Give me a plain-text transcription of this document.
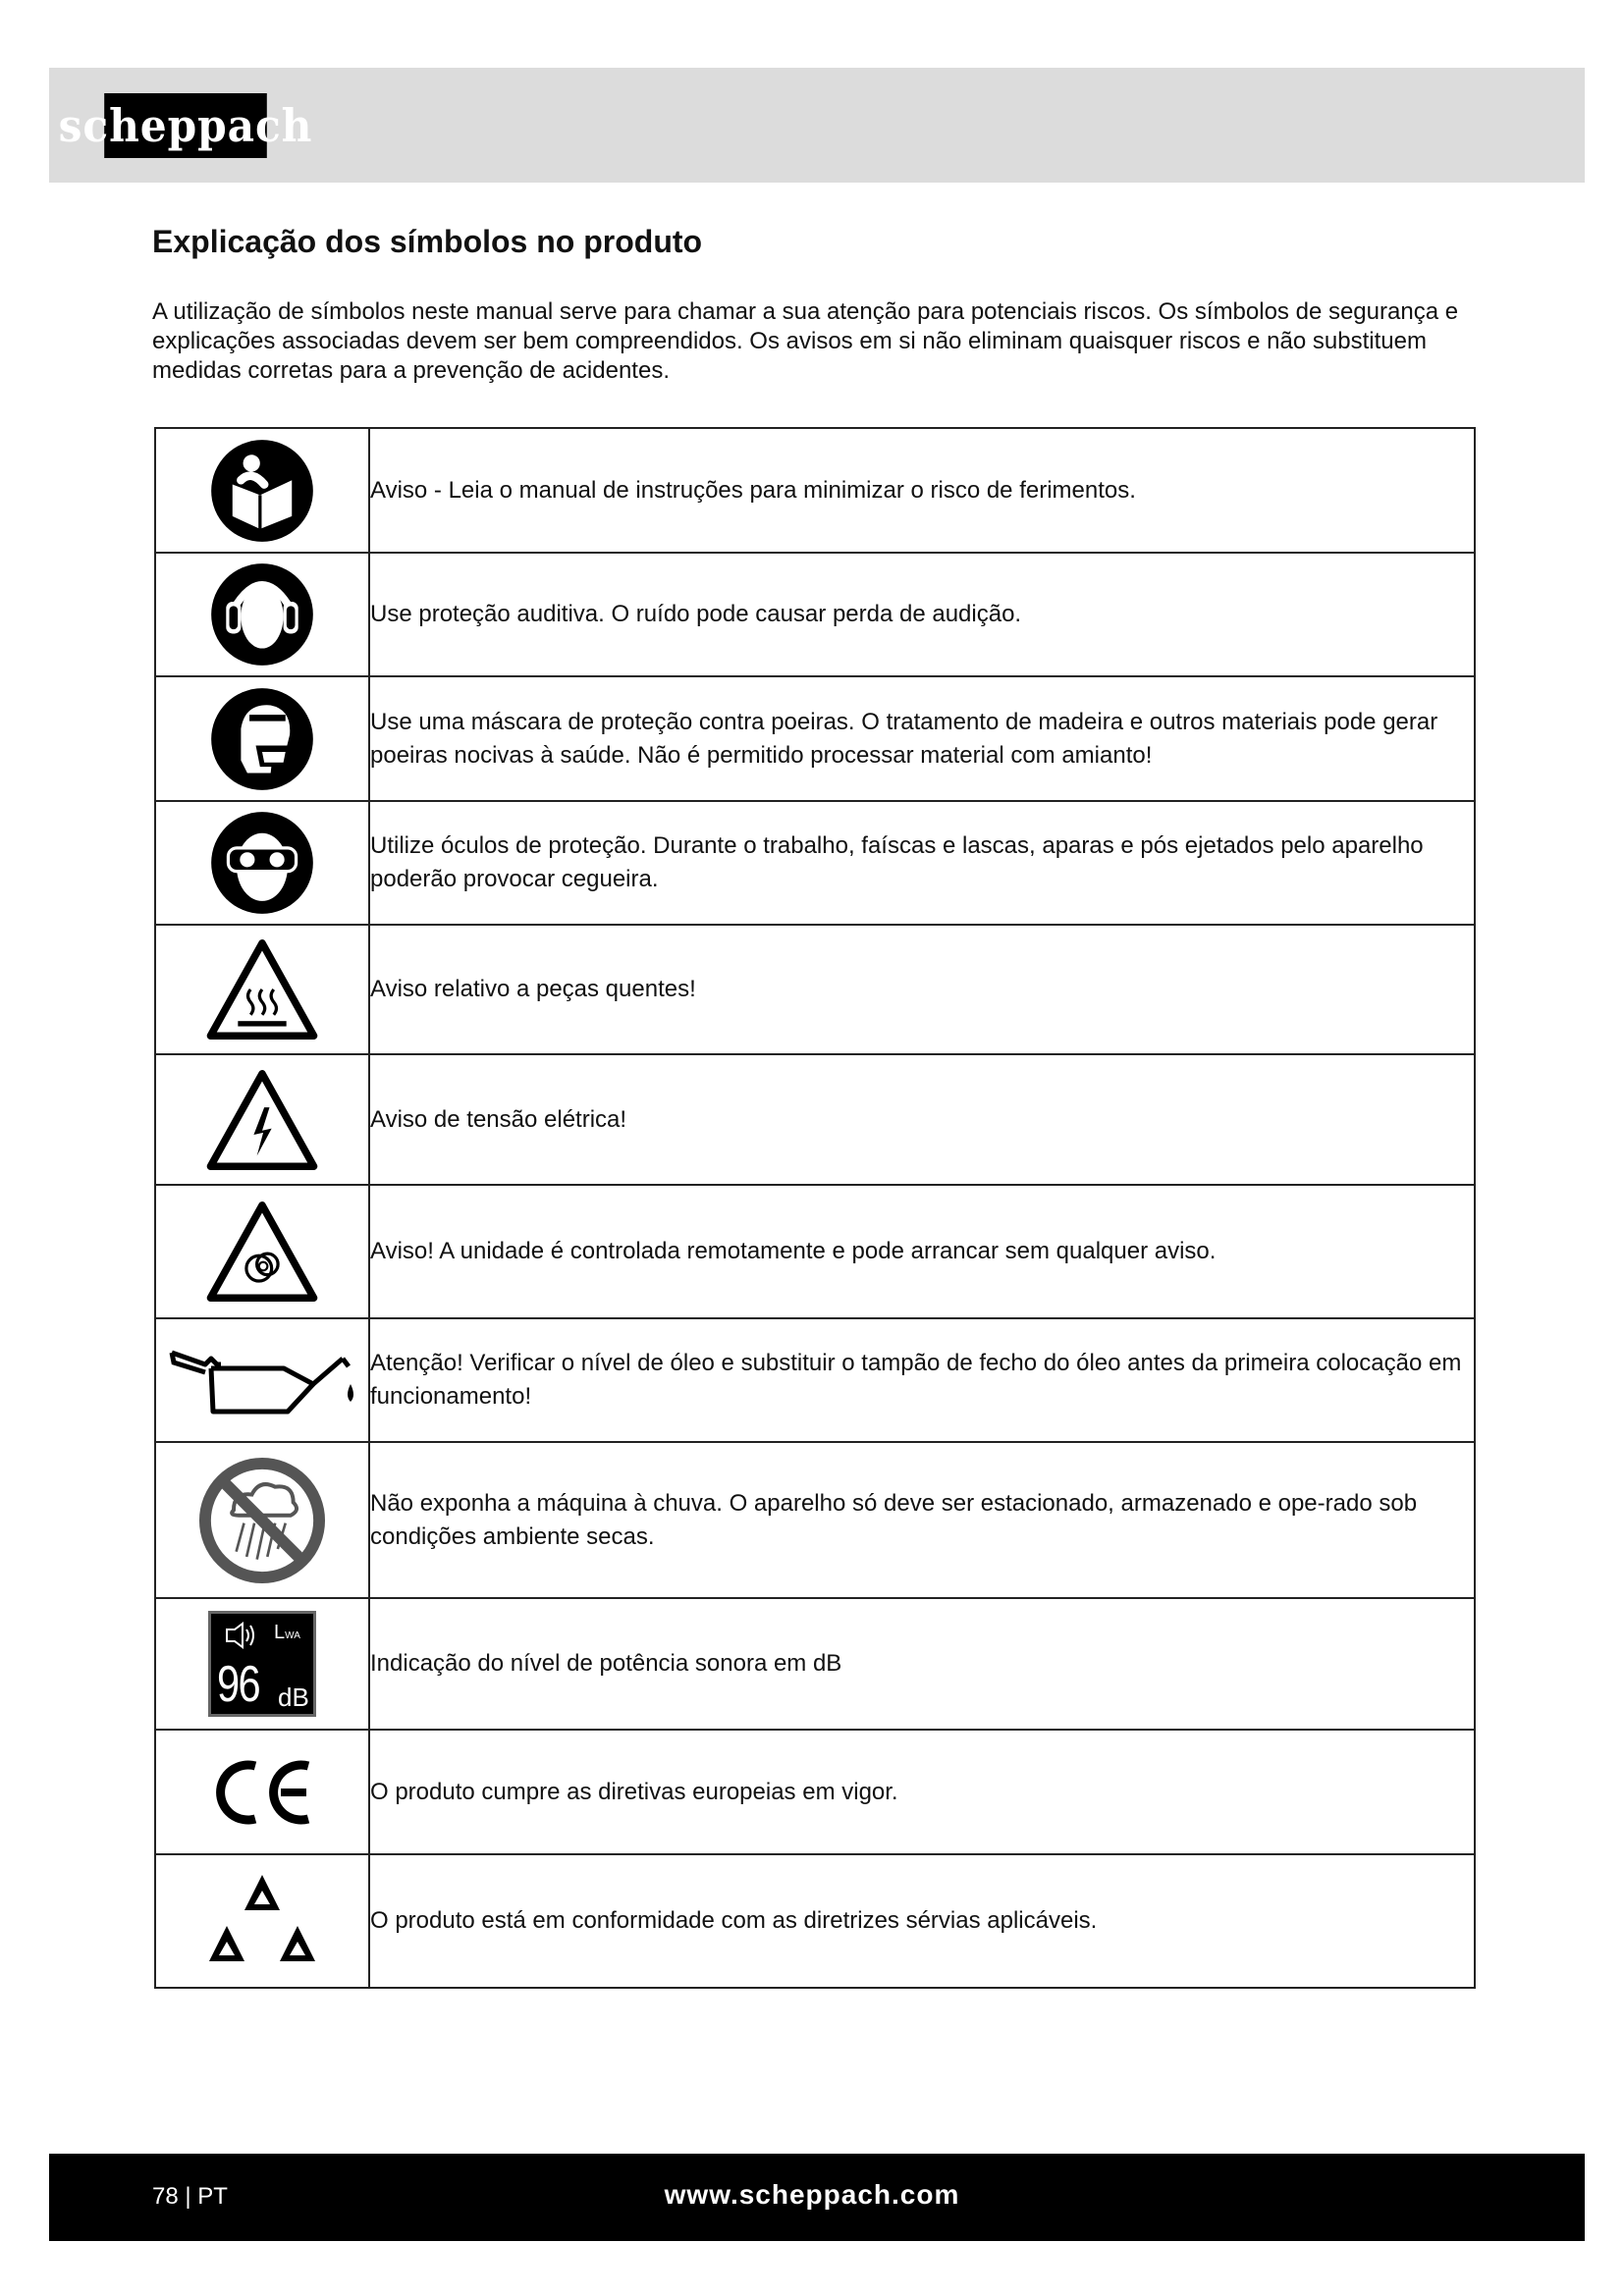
scheppach
Explicação dos símbolos no produto

A utilização de símbolos neste manual serve para chamar a sua atenção para potenciais riscos. Os símbolos de segurança e explicações associadas devem ser bem compreendidos. Os avisos em si não eliminam quaisquer riscos e não substituem medidas corretas para a prevenção de acidentes.

	Aviso - Leia o manual de instruções para minimizar o risco de ferimentos.

	Use proteção auditiva. O ruído pode causar perda de audição.

	Use uma máscara de proteção contra poeiras. O tratamento de madeira e outros materiais pode gerar poeiras nocivas à saúde. Não é permitido processar material com amianto!

	Utilize óculos de proteção. Durante o trabalho, faíscas e lascas, aparas e pós ejetados pelo aparelho poderão provocar cegueira.

	Aviso relativo a peças quentes!

	Aviso de tensão elétrica!

	Aviso! A unidade é controlada remotamente e pode arrancar sem qualquer aviso.

	Atenção! Verificar o nível de óleo e substituir o tampão de fecho do óleo antes da primeira colocação em funcionamento!

	Não exponha a máquina à chuva. O aparelho só deve ser estacionado, armazenado e ope-rado sob condições ambiente secas.

LWA
96 dB	Indicação do nível de potência sonora em dB

	O produto cumpre as diretivas europeias em vigor.

	O produto está em conformidade com as diretrizes sérvias aplicáveis.
78 | PT	www.scheppach.com
